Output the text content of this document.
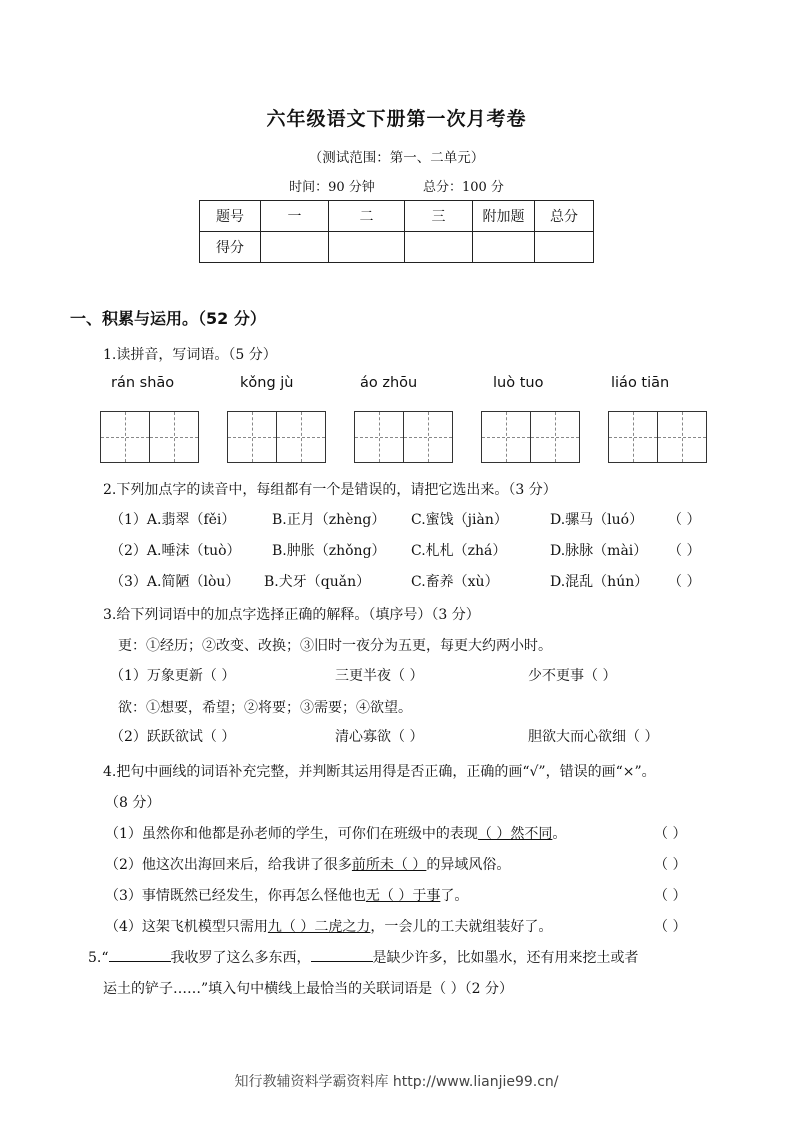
六年级语文下册第一次月考卷
（测试范围：第一、二单元）
时间：90 分钟	总分：100 分
题号	一	二	三	附加题	总分
得分					
一、积累与运用。（52 分）
1.读拼音，写词语。（5 分）
rán shāo	kǒng jù	áo zhōu	luò tuo	liáo tiān
2.下列加点字的读音中，每组都有一个是错误的，请把它选出来。（3 分）
（1）A.翡翠（fěi）	B.正月（zhèng） C.蜜饯（jiàn）	D.骡马（luó） （ ）
（2）A.唾沫（tuò） B.肿胀（zhǒng） C.札札（zhá）	D.脉脉（mài） （ ）
（3）A.简陋（lòu） B.犬牙（quǎn）	C.畜养（xù）	D.混乱（hún） （ ）
3.给下列词语中的加点字选择正确的解释。（填序号）（3 分）
更：①经历；②改变、改换；③旧时一夜分为五更，每更大约两小时。
（1）万象更新（ ）	三更半夜（ ）	少不更事（ ）
欲：①想要，希望；②将要；③需要；④欲望。
（2）跃跃欲试（ ）	清心寡欲（ ）	胆欲大而心欲细（ ）
4.把句中画线的词语补充完整，并判断其运用得是否正确，正确的画“√”，错误的画“×”。
（8 分）
（1）虽然你和他都是孙老师的学生，可你们在班级中的表现（ ）然不同。	（ ）
（2）他这次出海回来后，给我讲了很多前所未（ ）的异域风俗。	（ ）
（3）事情既然已经发生，你再怎么怪他也无（ ）于事了。	（ ）
（4）这架飞机模型只需用九（ ）二虎之力，一会儿的工夫就组装好了。	（ ）
5.“	我收罗了这么多东西，	是缺少许多，比如墨水，还有用来挖土或者
运土的铲子……”填入句中横线上最恰当的关联词语是（ ）（2 分）
知行教辅资料学霸资料库 http://www.lianjie99.cn/
